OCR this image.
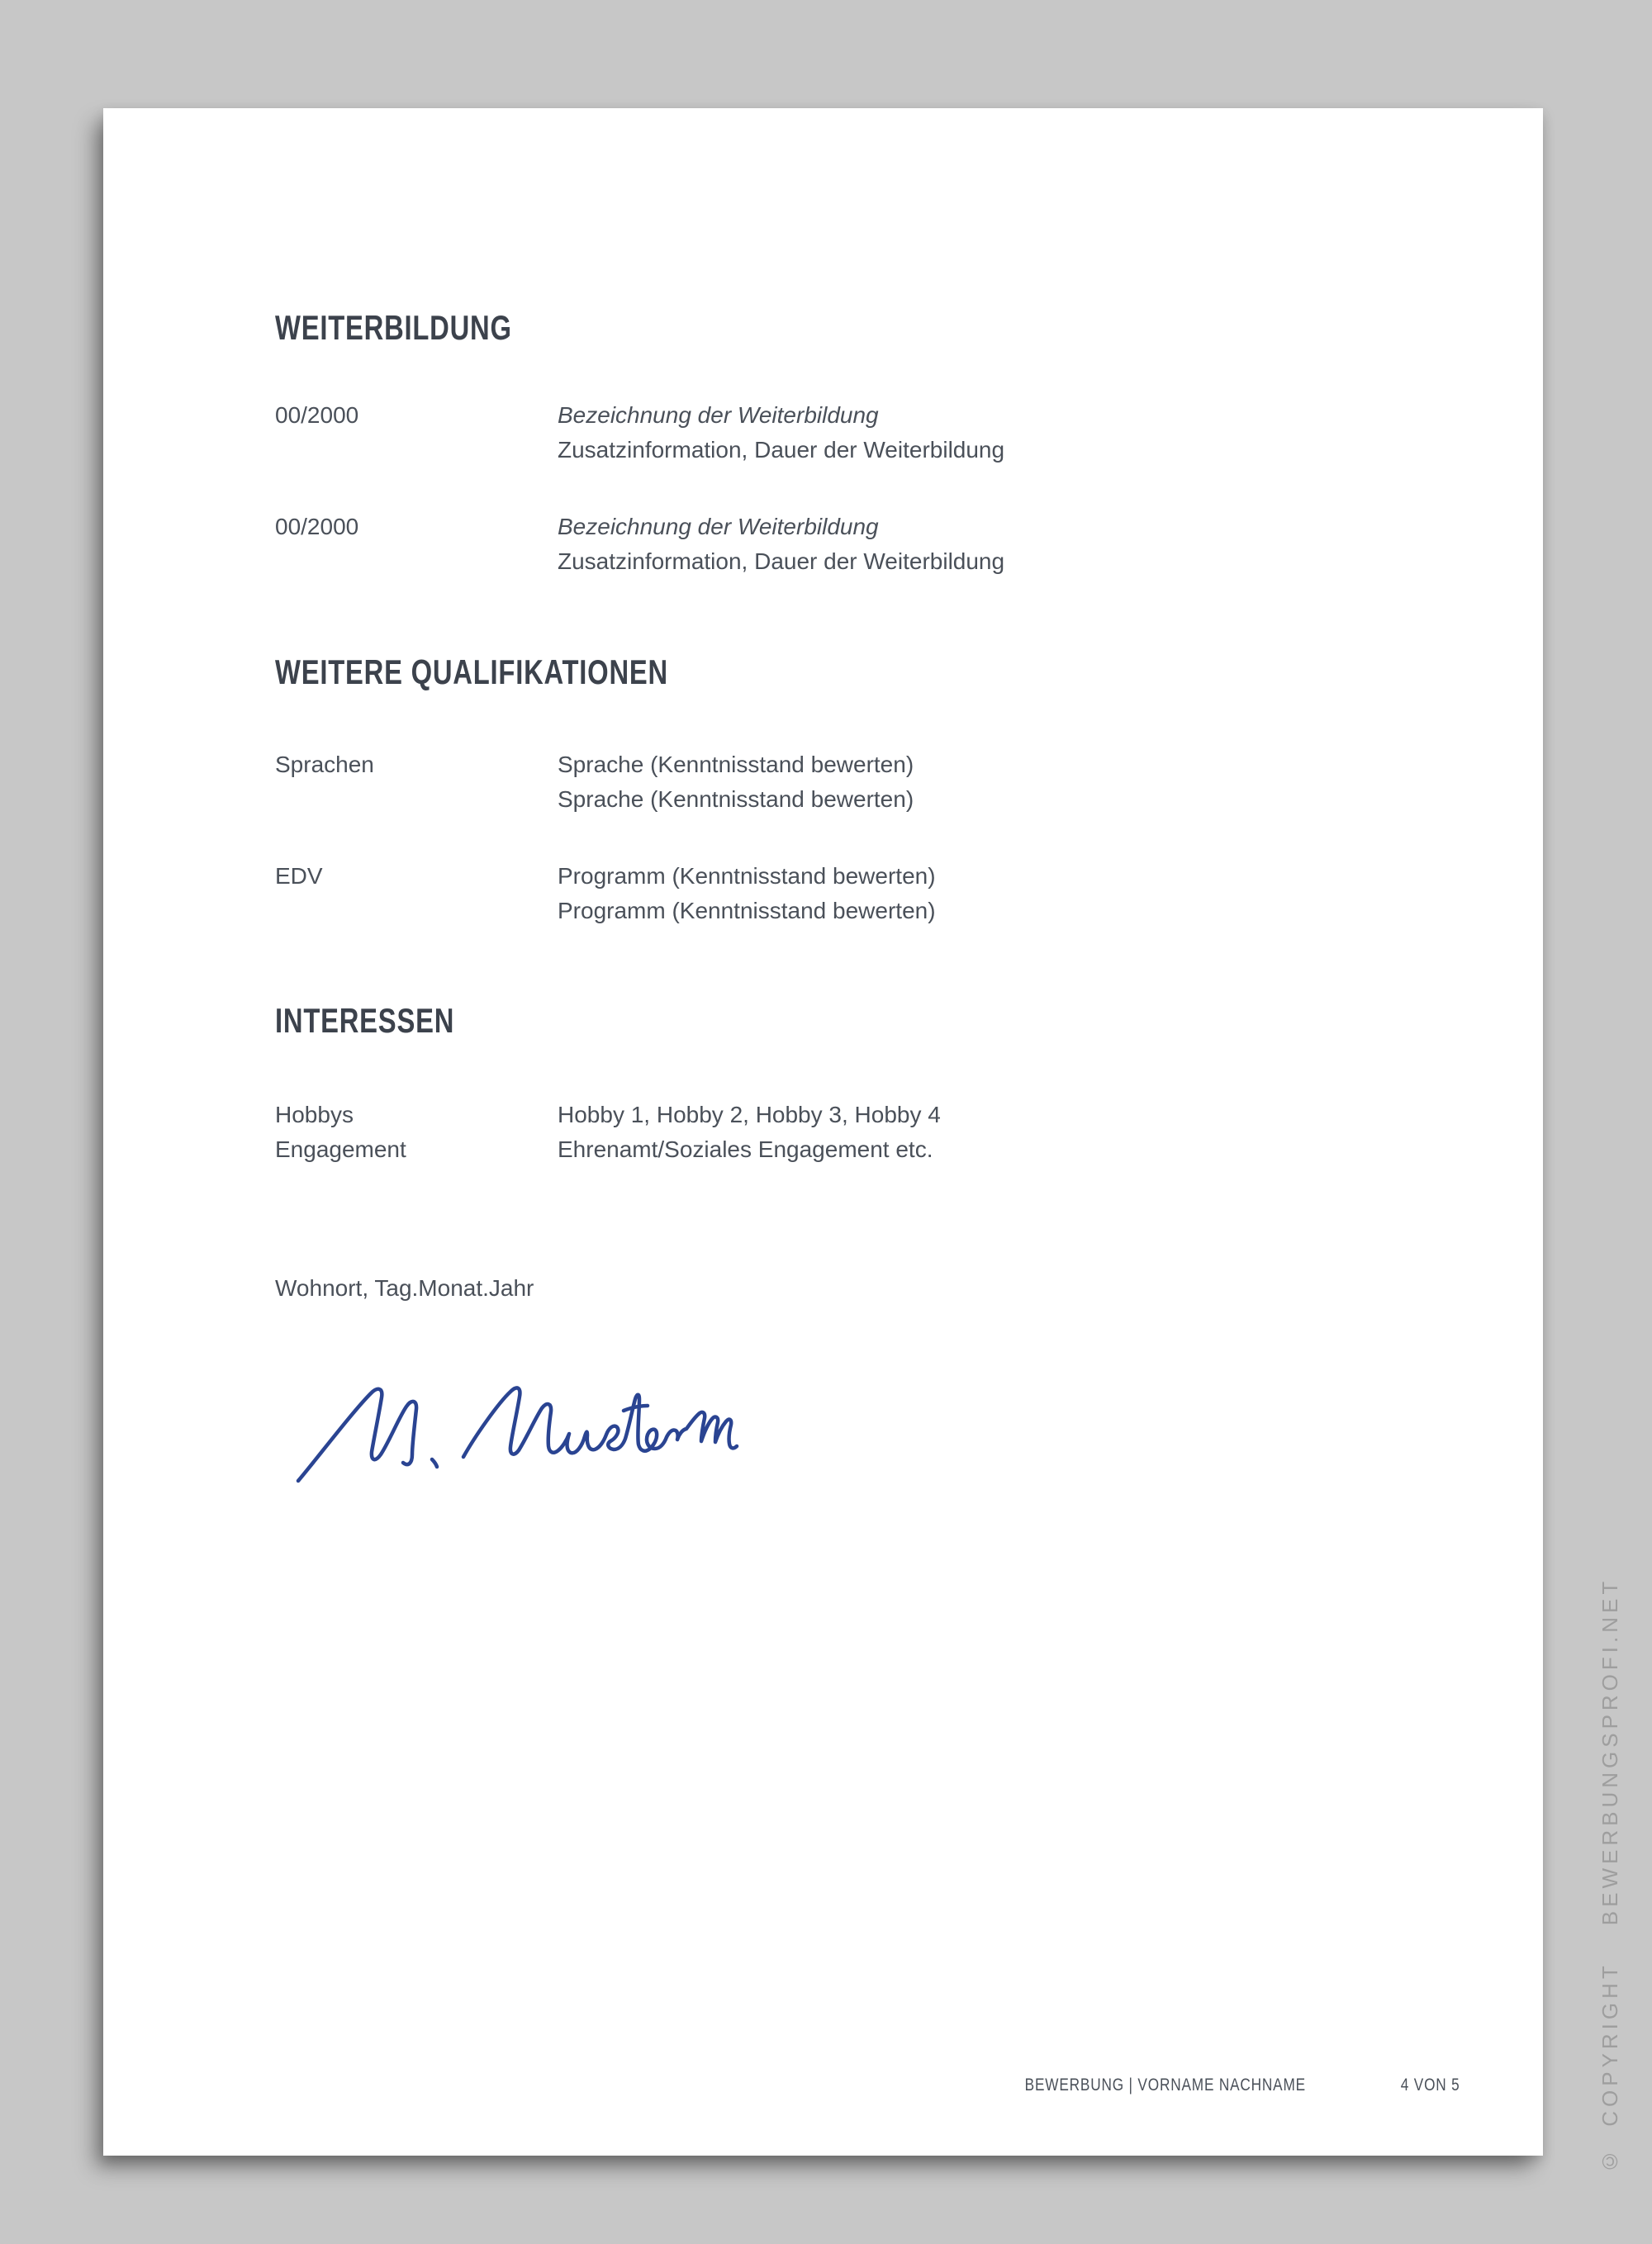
WEITERBILDUNG
00/2000	Bezeichnung der Weiterbildung
Zusatzinformation, Dauer der Weiterbildung
00/2000	Bezeichnung der Weiterbildung
Zusatzinformation, Dauer der Weiterbildung
WEITERE QUALIFIKATIONEN
Sprachen	Sprache (Kenntnisstand bewerten)
Sprache (Kenntnisstand bewerten)
EDV	Programm (Kenntnisstand bewerten)
Programm (Kenntnisstand bewerten)
INTERESSEN
Hobbys	Hobby 1, Hobby 2, Hobby 3, Hobby 4
Engagement	Ehrenamt/Soziales Engagement etc.
Wohnort, Tag.Monat.Jahr
BEWERBUNG | VORNAME NACHNAME	4 VON 5	© COPYRIGHT  BEWERBUNGSPROFI.NET
